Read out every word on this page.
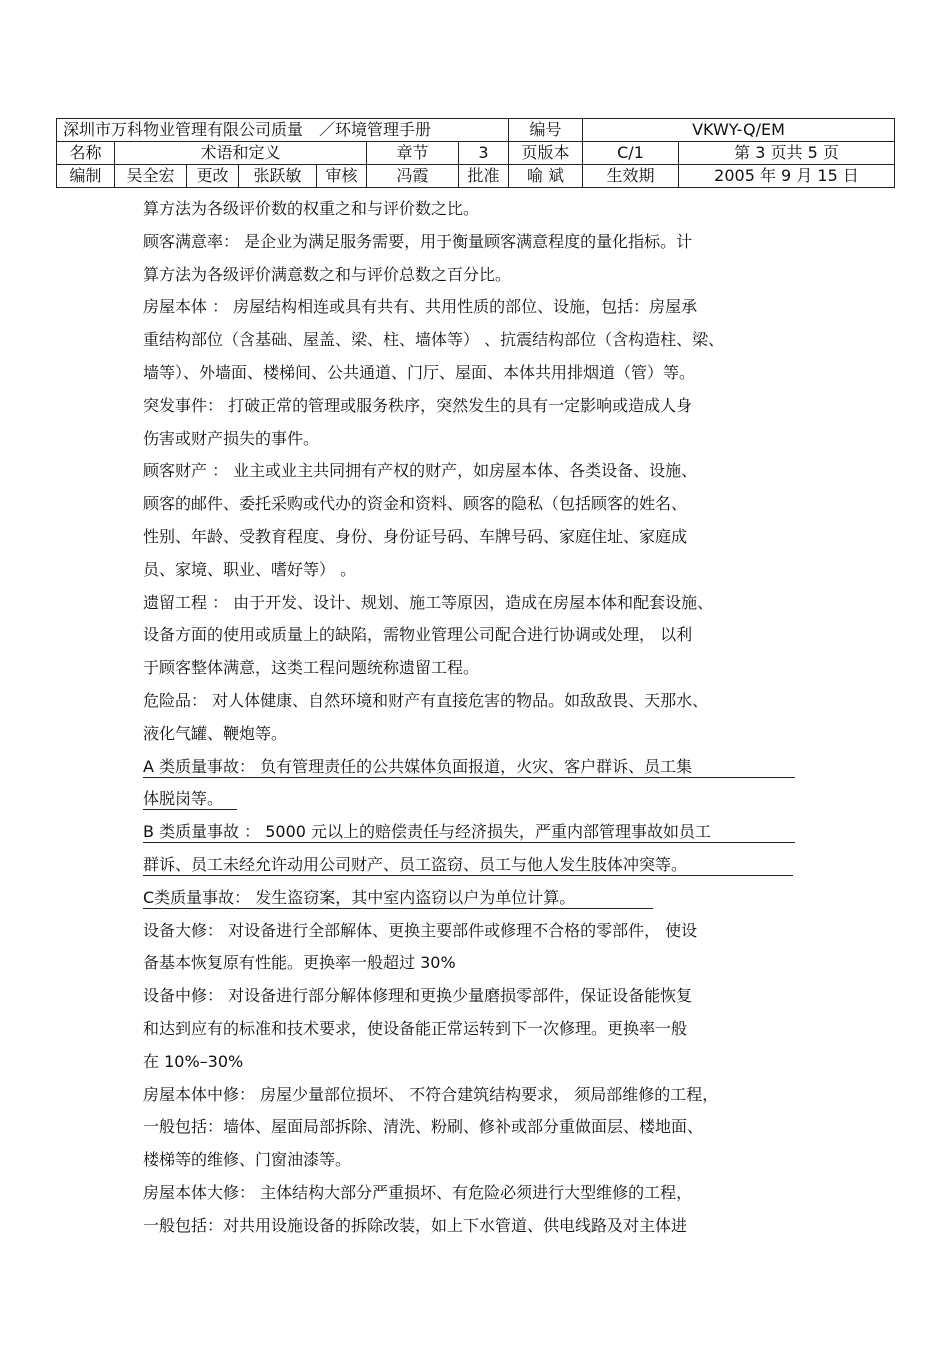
深圳市万科物业管理有限公司质量　／环境管理手册							编号	VKWY-Q/EM	
名称	术语和定义				章节	3	页版本	C/1	第 3 页共 5 页
编制	吴全宏	更改	张跃敏	审核	冯霞	批准	喻 斌	生效期	2005 年 9 月 15 日
算方法为各级评价数的权重之和与评价数之比。
顾客满意率： 是企业为满足服务需要，用于衡量顾客满意程度的量化指标。计
算方法为各级评价满意数之和与评价总数之百分比。
房屋本体 ： 房屋结构相连或具有共有、共用性质的部位、设施，包括：房屋承
重结构部位（含基础、屋盖、梁、柱、墙体等） 、抗震结构部位（含构造柱、梁、
墙等）、外墙面、楼梯间、公共通道、门厅、屋面、本体共用排烟道（管）等。
突发事件： 打破正常的管理或服务秩序，突然发生的具有一定影响或造成人身
伤害或财产损失的事件。
顾客财产 ： 业主或业主共同拥有产权的财产，如房屋本体、各类设备、设施、
顾客的邮件、委托采购或代办的资金和资料、顾客的隐私（包括顾客的姓名、
性别、年龄、受教育程度、身份、身份证号码、车牌号码、家庭住址、家庭成
员、家境、职业、嗜好等） 。
遗留工程 ： 由于开发、设计、规划、施工等原因，造成在房屋本体和配套设施、
设备方面的使用或质量上的缺陷，需物业管理公司配合进行协调或处理， 以利
于顾客整体满意，这类工程问题统称遗留工程。
危险品： 对人体健康、自然环境和财产有直接危害的物品。如敌敌畏、天那水、
液化气罐、鞭炮等。
A 类质量事故： 负有管理责任的公共媒体负面报道，火灾、客户群诉、员工集
体脱岗等。
B 类质量事故 ： 5000 元以上的赔偿责任与经济损失，严重内部管理事故如员工
群诉、员工未经允许动用公司财产、员工盗窃、员工与他人发生肢体冲突等。
C类质量事故： 发生盗窃案，其中室内盗窃以户为单位计算。
设备大修： 对设备进行全部解体、更换主要部件或修理不合格的零部件， 使设
备基本恢复原有性能。更换率一般超过 30%
设备中修： 对设备进行部分解体修理和更换少量磨损零部件，保证设备能恢复
和达到应有的标准和技术要求，使设备能正常运转到下一次修理。更换率一般
在 10%–30%
房屋本体中修： 房屋少量部位损坏、 不符合建筑结构要求， 须局部维修的工程，
一般包括：墙体、屋面局部拆除、清洗、粉刷、修补或部分重做面层、楼地面、
楼梯等的维修、门窗油漆等。
房屋本体大修： 主体结构大部分严重损坏、有危险必须进行大型维修的工程，
一般包括：对共用设施设备的拆除改装，如上下水管道、供电线路及对主体进
